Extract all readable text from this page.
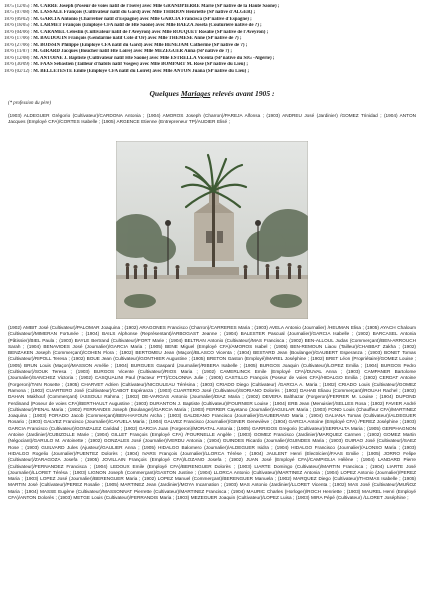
1875 (12/05) : M. CARRE Joseph (Poseur de voies natif de l'Isère) avec Mlle GRANDPIERRE Marie (SP native de la Haute Saône) ;
1875 (07/08) : M. LASSALE François (Cultivateur natif du Gard) avec Mlle THIRION Henriette (SP native d'ALGER) ;
1876 (09/02) : M. GARCIA Antonio (Charretier natif d'Espagne) avec Mlle GARCIA Francisca (SP native d'Espagne) ;
1876 (18/05) : M. LARMET François (Employé CFA natif de Hte Saône) avec Mlle BAÉZA Josefa (Couturière native de ?) ;
1876 (04/06) : M. CARAMEL Célestin (Cultivateur natif de l'Aveyron) avec Mlle ROUQUET Rosalie (SP native de l'Aveyron) ;
1876 (17/06) : M. BAUDOUIN François (Gendarme natif Côte d'Or) avec Mlle THEMESE Anne (SP native de ?) ;
1876 (27/06) : M. BOISSIN Philippe (Employé CFA natif du Gard) avec Mlle BENEJAM Catherine (SP native de ?) ;
1876 (11/07) : M. GIRARD Jacques (Boucher natif Hte Loire) avec Mlle MEZEGUER Anna (SP native de ?) ;
1876 (12/08) : M. ANTOINE J. Baptiste (Cultivateur natif Hte Saône) avec Mlle ESTRELLA Vicenta (SP native du SIG -Algérie) ;
1876 (30/09) : M. FAAS Sébastien (Tailleur d'habits natif Vosges) avec Mlle BOMPART M. Rose (SP native du Lieu) ;
1876 (02/12) : M. BELLETESTE Emile (Employé CFA natif du Loiret) avec Mlle ANTON Juana (SP native du Lieu) ;
Quelques Mariages relevés avant 1905 :
(* profession du père)

(1903) ALDEGUER Grégorio (Cultivateur)/CARDONA Antonia ; (1904) AMOROS Joseph (Charron)/PAREJA Alfonsa ; (1903) ANDREU José (Jardinier) /GOMEZ Trinidad ; (1904) ANTON Jacques (Employé CFA)/CORTES Isabelle ; (1905) ARGENCE Etienne (Entrepreneur TP)/AUDIER Elisé ;

(1902) AMBIT José (Cultivateur)/PALOMAR Joaquina ; (1902) ARAGONES Francisco (Charron)/CARRERES Maria ; (1903) AVELA Antonio (Journalier) /HEUMAN Elisa ; (1905) AYACH Chaloum (Cultivateur)/MIMERAN Fortunée ; (1904) BAILS Alphonse (Représentant)/ARBOGAST Jeanne ; (1904) BALESTER Pascual (Journalier)/GARCIA Isabelle ; (1902) BARCASEL Antonia (Pâtissier)/BIEL Paula ; (1903) BAYLE Bertrand (Cultivateur)/FORT Marie ; (1904) BELTRAN Antonio (Cultivateur)/MAS Francisca ; (1902) BEN-ALLOUL Judas (Commerçant)/BEN-ARROUCH Sarah ; (1904) BENAVIDES José (Journalier)/GARCIA Maria ; (1905) BENE Miguel (Employé CFA)/AMOROS Isabel ; (1905) BEN-REMOUN Liaou (Tailleur)/CHABBAT Zakha ; (1902) BENZAKEN Joseph (Commerçant)/COHEN Flora ; (1902) BERTOMEU Jean (Maçon)/BLASCO Vicenta ; (1904) BESTARD Jean (Boulanger)/GAUBERT Esperanza ; (1903) BONET Tomas (Cultivateur)/RIPOLL Teresa ; (1902) BOUE Jean (Cultivateur)/GONTHIER Augustine ; (1905) BRETON Gaston (Employé)/MAREL Joséphine ; (1902) BRET Léon (Propriétaire)/GOMEZ Louise ; (1905) BRUN Louis (Maçon)/MASSON Amélie ; (1904) BURGUES Gaspard (Journalier)/RIBERA Isabelle ; (1905) BURGOS Joaquin (Cultivateur)/LOPEZ Emilia ; (1904) BURGOS Pedro (Cultivateur)/SOUK Teresa ; (1903) BURGOS Vicente (Cultivateur)/RIOS Maria ; (1902) CAMERLINCK Emile (Employé CFA)/DUVAL Anna ; (1903) CAMPANER Bartolome (Journalier)/SANCHEZ Victoria ; (1902) CASQUALINI Paul (Facteur PTT)/COLONNA Julie ; (1905) CASTILLO François (Poseur de voies CFA)/HIDALGO Emilia ; (1902) CERDAT Antoine (Forgeron)/TAIN Rosette ; (1905) CHARVET Adrien (Cultivateur)/NICOULEAU Térésina ; (1903) CRIADO Diego (Cultivateur) /GARCIA A. Maria ; (1902) CRIADO Louis (Cultivateur)/GOMEZ Ramona ; (1902) CUARTERO José (Cultivateur)/CABOT Espéranza ; (1903) CUARTERO José (Cultivateur)/SORIANO Dolorès ; (1902) DAHAB Eliaou (Commerçant)/ROUAH Rachel ; (1902) DAHAN Makhouf (Commerçant) /ASSOULI Rahma ; (1902) DE-VARGAS Antonio (Journalier)/DIAZ Maria ; (1902) DEVERA Balthazar (Forgeron)/FERRER M. Louise ; (1904) DUPOND Ferdinand (Poseur de voies CFA)/BERTHAULT Augustine ; (1903) DURANTON J. Baptiste (Cultivateur)/FOURNIER Louise ; (1904) ERB Jean (Menuisier)/SELLES Rosa ; (1902) FAVIER André (Cultivateur)/FENAL Maria ; (1902) FERRANDIS Joseph (Boulanger)/GARCIA Maria ; (1903) FERRER Cayetano (Journalier)/AGUILAR Maria ; (1903) FOND Louis (Chauffeur CFA)/MARTINEZ Joaquina ; (1903) FORADO Jacob (Commerçant)/BEN-HAYOUN Aïcha ; (1903) GALDEANO Francisco (Journalier)/GAUBERANO Maria ; (1904) GALIANA Tomas (Cultivateur)/ALDEGUER Rosario ; (1903) GALVEZ Francisco (Journalier)/CAYUELA Maria ; (1904) GALVEZ Francisco (Journalier)/GINER Geneviève ; (1904) GARCIA Antoine (Employé CFA) /PEREZ Joséphine ; (1903) GARCIA Francisco (Cultivateur)/GONZALEZ Caridad ; (1902) GARCIA Juan (Forgeron)/MORATAL Antonia ; (1905) GARRIGOS Gregorio (Cultivateur)/SERRALTA Maria ; (1905) GERPHAGNON Antoine (Jardinier)/CUBIZOLLE Marie ; (1904) GILLET François (Employé CFA) /FOURNELLE Angèle ; (1903) GOMEZ Francisco (Jardinier)/MARQUEZ Carmen ; (1902) GOMEZ Martin (Négociant)/GARULO M. Antoinette ; (1902) GONZALES José (Journalier)/VERDU Antonia ; (1904) GUINDES Ricardo (Journalier)/GUINDES Maria ; (1903) GUIRAO José (Cultivateur)/SAEZ Rose ; (1903) GUILVARD Jules (Ajusteur)/GAULIER Anna ; (1905) HIDALGO Balomero (Journalier)/ALDEGUER Isidra ; (1904) HIDALGO Francisco (Journalier)/ALONSO Maria ; (1903) HIDALGO Rogelio (Journalier)/FUENTEZ Dolorès ; (1904) IVARS François (Journalier)/LLORCA Térèse ; (1904) JAULENT Henri (Electricien)/FAAS Emilie ; (1905) JORRO Felipe (Cultivateur)/ZARAGOZA Josefa ; (1905) JOVILLAIN François (Employé CFA)/LOZANO Josefa ; (1902) JUAN José (Employé CFA)/CAMPIGLIA Hélène ; (1904) LANDARD Pierre (Cultivateur)/FERNANDEZ Francisca ; (1904) LEDOUX Emile (Employé CFA)/BERENGUER Dolorès ; (1903) LIARTE Domingo (Cultivateur)/MARTIN Francisca ; (1904) LIARTE José (Journalier)/LLORET Térésa ; (1903) LIGNON Joseph (Commerçant)/GASTON Justine ; (1904) LLORCA Antonio (Cultivateur)/MARTINEZ Antonia ; (1904) LOPEZ Antonio (Journalier)/PEREZ Maria ; (1903) LOPEZ José (Journalier)/BERENGUER Maria ; (1902) LOPEZ Manuel (Commerçant)/BERENGUER Manuela ; (1902) MARQUEZ Diego (Cultivateur)/THOMAS Isabelle ; (1905) MARTIN José (Cultivateur)/PEREZ Rosalie ; (1905) MARTINEZ Jean (Jardinier)/MOYA Incarnation ; (1903) MAS Antonio (Jardinier)/LLORET Vicenta ; (1902) MAS José (Cultivateur)/MUÑOZ Maria ; (1904) MASSE Eugène (Cultivateur)/MASSONNAT Pierrette (Cultivateur)/MARTINEZ Francisca ; (1904) MAURIC Charles (Horloger)/ROCH Henriette ; (1903) MAUREL Henri (Employé CFA)/ANTON Dolorès ; (1903) METGE Louis (Cultivateur)/FERRANDIS Maria ; (1903) MEZEGUER Joaquin (Cultivateur)/LOPEZ Luisa ; (1903) MIRA Pépé (Cultivateur) /LLORET Joséphine ;
